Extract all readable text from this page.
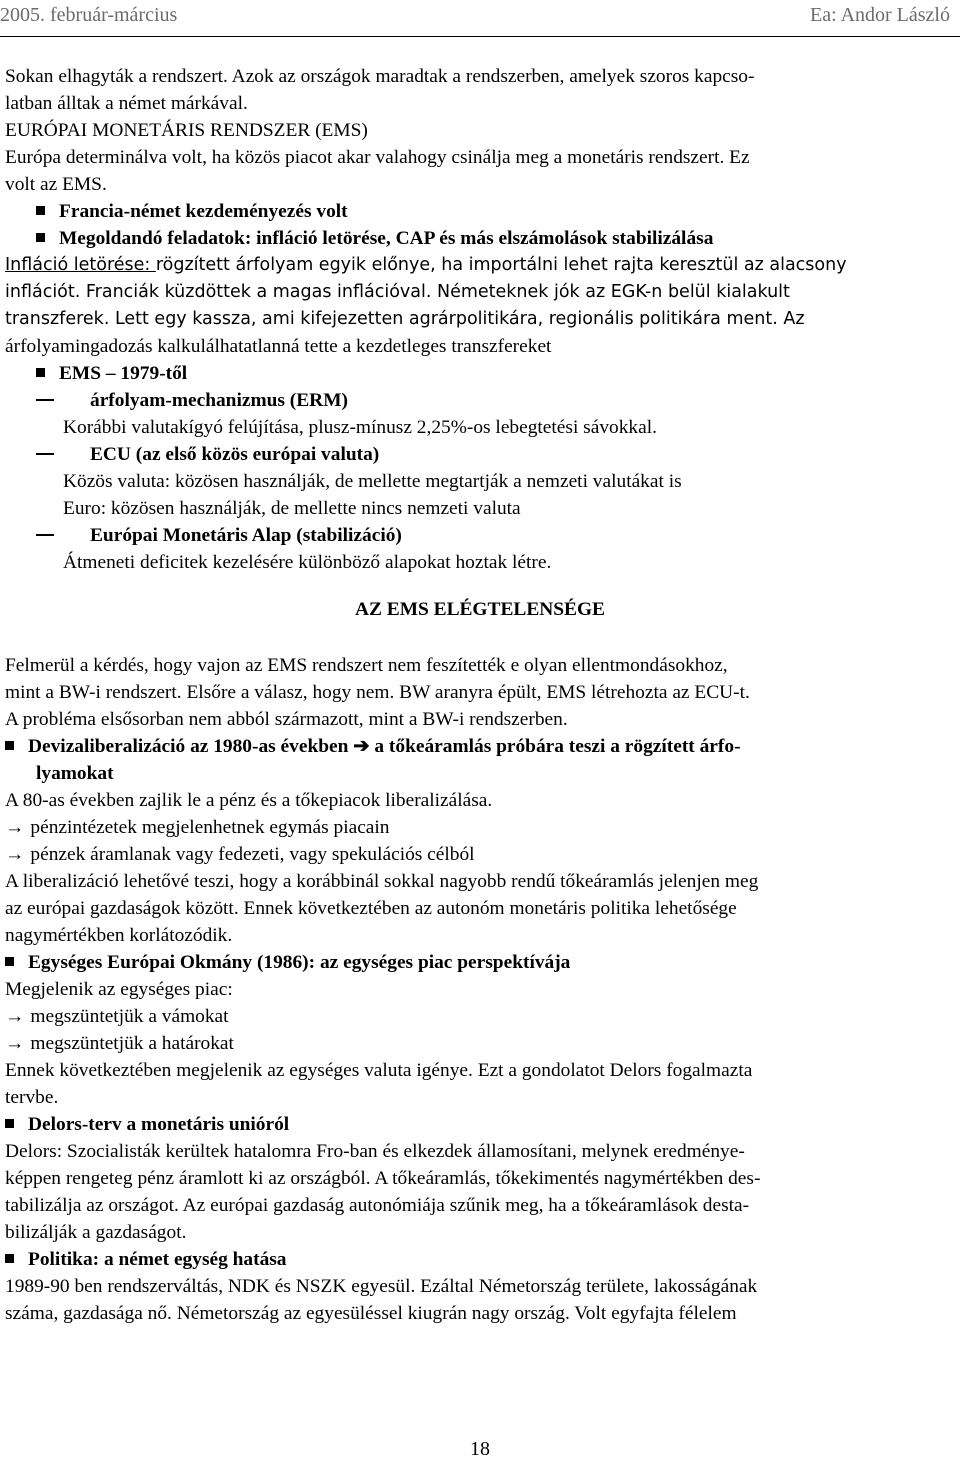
2005. február-március	Ea: Andor László
Sokan elhagyták a rendszert. Azok az országok maradtak a rendszerben, amelyek szoros kapcso-
latban álltak a német márkával.
EURÓPAI MONETÁRIS RENDSZER (EMS)
Európa determinálva volt, ha közös piacot akar valahogy csinálja meg a monetáris rendszert. Ez
volt az EMS.
Francia-német kezdeményezés volt
Megoldandó feladatok: infláció letörése, CAP és más elszámolások stabilizálása
Infláció letörése: rögzített árfolyam egyik előnye, ha importálni lehet rajta keresztül az alacsony
inflációt. Franciák küzdöttek a magas inflációval. Németeknek jók az EGK-n belül kialakult
transzferek. Lett egy kassza, ami kifejezetten agrárpolitikára, regionális politikára ment. Az
árfolyamingadozás kalkulálhatatlanná tette a kezdetleges transzfereket
EMS – 1979-től
árfolyam-mechanizmus (ERM)
Korábbi valutakígyó felújítása, plusz-mínusz 2,25%-os lebegtetési sávokkal.
ECU (az első közös európai valuta)
Közös valuta: közösen használják, de mellette megtartják a nemzeti valutákat is
Euro: közösen használják, de mellette nincs nemzeti valuta
Európai Monetáris Alap (stabilizáció)
Átmeneti deficitek kezelésére különböző alapokat hoztak létre.
AZ EMS ELÉGTELENSÉGE
Felmerül a kérdés, hogy vajon az EMS rendszert nem feszítették e olyan ellentmondásokhoz,
mint a BW-i rendszert. Elsőre a válasz, hogy nem. BW aranyra épült, EMS létrehozta az ECU-t.
A probléma elsősorban nem abból származott, mint a BW-i rendszerben.
Devizaliberalizáció az 1980-as években ➔ a tőkeáramlás próbára teszi a rögzített árfo-
lyamokat
A 80-as években zajlik le a pénz és a tőkepiacok liberalizálása.
→ pénzintézetek megjelenhetnek egymás piacain
→ pénzek áramlanak vagy fedezeti, vagy spekulációs célból
A liberalizáció lehetővé teszi, hogy a korábbinál sokkal nagyobb rendű tőkeáramlás jelenjen meg
az európai gazdaságok között. Ennek következtében az autonóm monetáris politika lehetősége
nagymértékben korlátozódik.
Egységes Európai Okmány (1986): az egységes piac perspektívája
Megjelenik az egységes piac:
→ megszüntetjük a vámokat
→ megszüntetjük a határokat
Ennek következtében megjelenik az egységes valuta igénye. Ezt a gondolatot Delors fogalmazta
tervbe.
Delors-terv a monetáris unióról
Delors: Szocialisták kerültek hatalomra Fro-ban és elkezdek államosítani, melynek eredménye-
képpen rengeteg pénz áramlott ki az országból. A tőkeáramlás, tőkekimentés nagymértékben des-
tabilizálja az országot. Az európai gazdaság autonómiája szűnik meg, ha a tőkeáramlások desta-
bilizálják a gazdaságot.
Politika: a német egység hatása
1989-90 ben rendszerváltás, NDK és NSZK egyesül. Ezáltal Németország területe, lakosságának
száma, gazdasága nő. Németország az egyesüléssel kiugrán nagy ország. Volt egyfajta félelem
18
